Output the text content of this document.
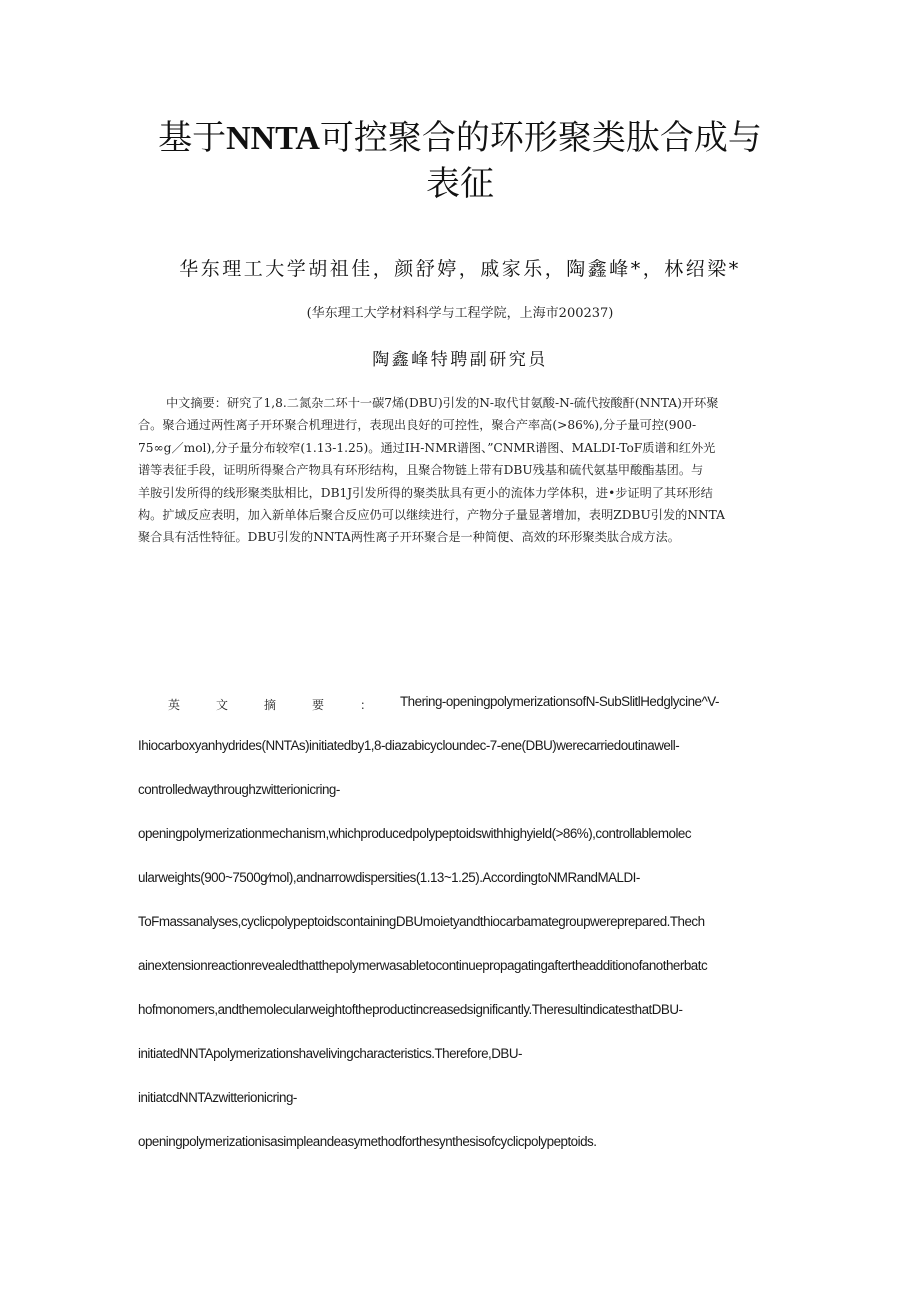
基于NNTA可控聚合的环形聚类肽合成与
表征
华东理工大学胡祖佳，颜舒婷，戚家乐，陶鑫峰*，林绍梁*
(华东理工大学材料科学与工程学院，上海市200237)
陶鑫峰特聘副研究员
中文摘要：研究了1,8.二氮杂二环十一碳7烯(DBU)引发的N-取代甘氨酸-N-硫代按酸酐(NNTA)开环聚
合。聚合通过两性离子开环聚合机理进行，表现出良好的可控性，聚合产率高(>86%),分子量可控(900-
75∞g／mol),分子量分布较窄(1.13-1.25)。通过IH-NMR谱图、”CNMR谱图、MALDI-ToF质谱和红外光
谱等表征手段，证明所得聚合产物具有环形结构，且聚合物链上带有DBU残基和硫代氨基甲酸酯基团。与
羊胺引发所得的线形聚类肽相比，DB1J引发所得的聚类肽具有更小的流体力学体积，进•步证明了其环形结
构。扩域反应表明，加入新单体后聚合反应仍可以继续进行，产物分子量显著增加，表明ZDBU引发的NNTA
聚合具有活性特征。DBU引发的NNTA两性离子开环聚合是一种简便、高效的环形聚类肽合成方法。
英	文	摘	要	：	Thering-openingpolymerizationsofN-SubSlitlHedglycine^V-
Ihiocarboxyanhydrides(NNTAs)initiatedby1,8-diazabicycloundec-7-ene(DBU)werecarriedoutinawell-
controlledwaythroughzwitterionicring-
openingpolymerizationmechanism,whichproducedpolypeptoidswithhighyield(>86%),controllablemolec
ularweights(900~7500g⁄mol),andnarrowdispersities(1.13~1.25).AccordingtoNMRandMALDI-
ToFmassanalyses,cyclicpolypeptoidscontainingDBUmoietyandthiocarbamategroupwereprepared.Thech
ainextensionreactionrevealedthatthepolymerwasabletocontinuepropagatingaftertheadditionofanotherbatc
hofmonomers,andthemolecularweightoftheproductincreasedsignificantly.TheresultindicatesthatDBU-
initiatedNNTApolymerizationshavelivingcharacteristics.Therefore,DBU-
initiatcdNNTAzwitterionicring-
openingpolymerizationisasimpleandeasymethodforthesynthesisofcyclicpolypeptoids.
